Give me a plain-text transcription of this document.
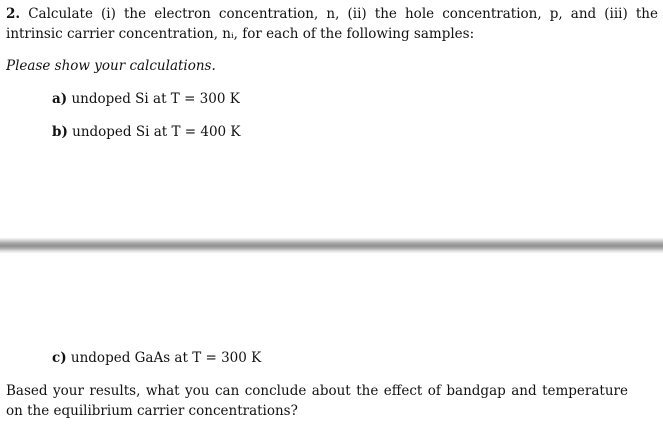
2. Calculate (i) the electron concentration, n, (ii) the hole concentration, p, and (iii) the intrinsic carrier concentration, nᵢ, for each of the following samples:
Please show your calculations.
a) undoped Si at T = 300 K
b) undoped Si at T = 400 K
c) undoped GaAs at T = 300 K
Based your results, what you can conclude about the effect of bandgap and temperature on the equilibrium carrier concentrations?
